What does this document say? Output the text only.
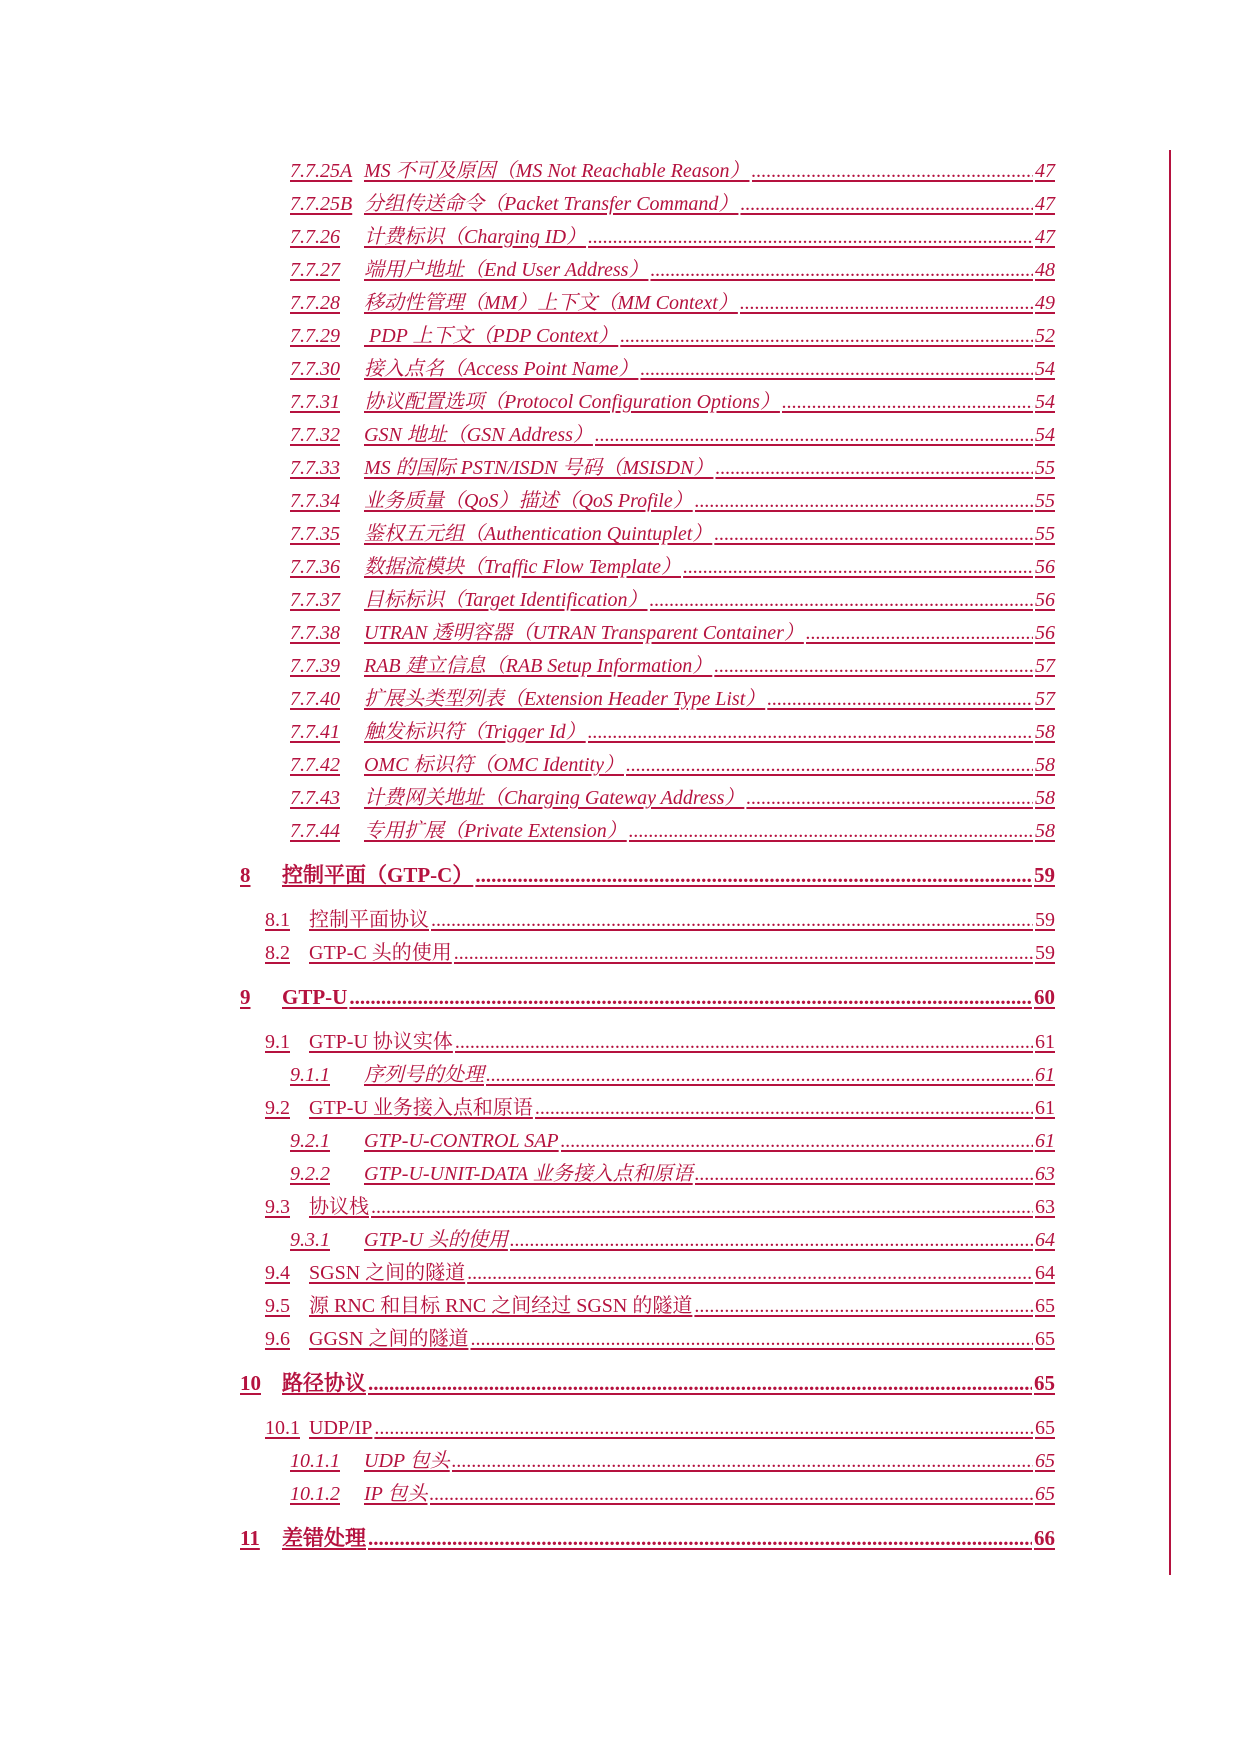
7.7.25A MS 不可及原因（MS Not Reachable Reason） .....	47
7.7.25B 分组传送命令（Packet Transfer Command） .....	47
7.7.26	计费标识（Charging ID） .....	47
7.7.27	端用户地址（End User Address） .....	48
7.7.28	移动性管理（MM）上下文（MM Context） .....	49
7.7.29	PDP 上下文（PDP Context） .....	52
7.7.30	接入点名（Access Point Name） .....	54
7.7.31	协议配置选项（Protocol Configuration Options） .....	54
7.7.32	GSN 地址（GSN Address） .....	54
7.7.33	MS 的国际 PSTN/ISDN 号码（MSISDN） .....	55
7.7.34	业务质量（QoS）描述（QoS Profile） .....	55
7.7.35	鉴权五元组（Authentication Quintuplet） .....	55
7.7.36	数据流模块（Traffic Flow Template） .....	56
7.7.37	目标标识（Target Identification） .....	56
7.7.38	UTRAN 透明容器（UTRAN Transparent Container） .....	56
7.7.39	RAB 建立信息（RAB Setup Information） .....	57
7.7.40	扩展头类型列表（Extension Header Type List） .....	57
7.7.41	触发标识符（Trigger Id） .....	58
7.7.42	OMC 标识符（OMC Identity） .....	58
7.7.43	计费网关地址（Charging Gateway Address） .....	58
7.7.44	专用扩展（Private Extension） .....	58
8	控制平面（GTP-C） .....	59
8.1 控制平面协议 .....	59
8.2 GTP-C 头的使用 .....	59
9	GTP-U .....	60
9.1 GTP-U 协议实体 .....	61
9.1.1	序列号的处理 .....	61
9.2 GTP-U 业务接入点和原语 .....	61
9.2.1	GTP-U-CONTROL SAP .....	61
9.2.2	GTP-U-UNIT-DATA 业务接入点和原语 .....	63
9.3 协议栈 .....	63
9.3.1	GTP-U 头的使用 .....	64
9.4 SGSN 之间的隧道 .....	64
9.5 源 RNC 和目标 RNC 之间经过 SGSN 的隧道 .....	65
9.6 GGSN 之间的隧道 .....	65
10	路径协议 .....	65
10.1 UDP/IP .....	65
10.1.1	UDP 包头 .....	65
10.1.2	IP 包头 .....	65
11	差错处理 .....	66
